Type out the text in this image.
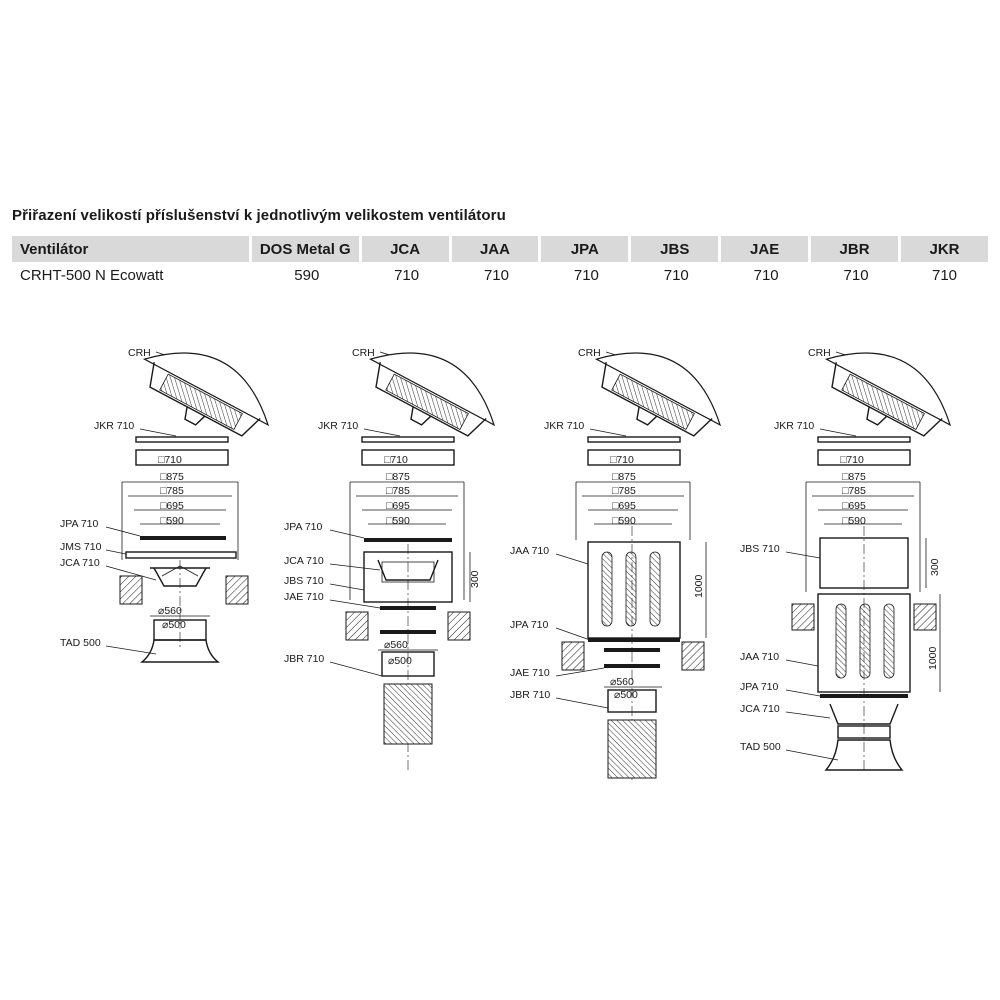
Přiřazení velikostí příslušenství k jednotlivým velikostem ventilátoru
Ventilátor	DOS Metal G	JCA	JAA	JPA	JBS	JAE	JBR	JKR
CRHT-500 N Ecowatt	590	710	710	710	710	710	710	710
CRH
JKR 710
□710
□875
□785
□695
□590
JPA 710
JMS 710
JCA 710
⌀560
⌀500
TAD 500
CRH
JKR 710
□710
□875
□785
□695
□590
JPA 710
300
JCA 710
JBS 710
JAE 710
⌀560
⌀500
JBR 710
CRH
JKR 710
□710
□875
□785
□695
□590
JAA 710
1000
JPA 710
JAE 710
⌀560
⌀500
JBR 710
CRH
JKR 710
□710
□875
□785
□695
□590
JBS 710
300
1000
JAA 710
JPA 710
JCA 710
TAD 500
